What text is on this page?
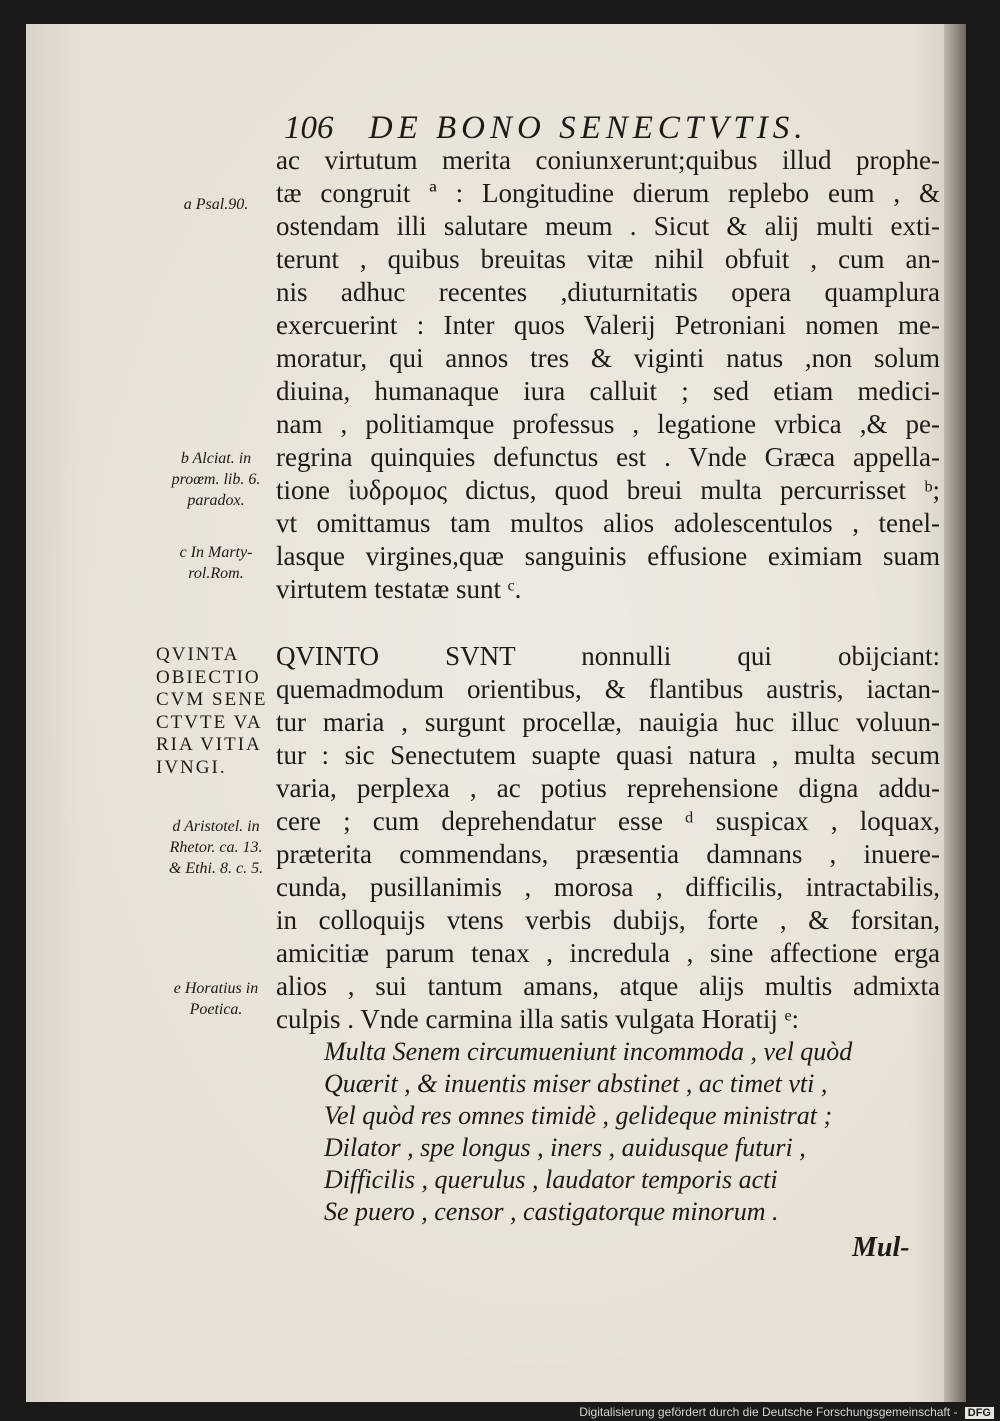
106 DE BONO SENECTVTIS.
ac virtutum merita coniunxerunt;quibus illud prophe-
tæ congruit ª : Longitudine dierum replebo eum , &
ostendam illi salutare meum . Sicut & alij multi exti-
terunt , quibus breuitas vitæ nihil obfuit , cum an-
nis adhuc recentes ,diuturnitatis opera quamplura
exercuerint : Inter quos Valerij Petroniani nomen me-
moratur, qui annos tres & viginti natus ,non solum
diuina, humanaque iura calluit ; sed etiam medici-
nam , politiamque professus , legatione vrbica ,& pe-
regrina quinquies defunctus est . Vnde Græca appella-
tione ἰυδρομος dictus, quod breui multa percurrisset ᵇ;
vt omittamus tam multos alios adolescentulos , tenel-
lasque virgines,quæ sanguinis effusione eximiam suam
virtutem testatæ sunt ᶜ.
QVINTO SVNT nonnulli qui obijciant:
quemadmodum orientibus, & flantibus austris, iactan-
tur maria , surgunt procellæ, nauigia huc illuc voluun-
tur : sic Senectutem suapte quasi natura , multa secum
varia, perplexa , ac potius reprehensione digna addu-
cere ; cum deprehendatur esse ᵈ suspicax , loquax,
præterita commendans, præsentia damnans , inuere-
cunda, pusillanimis , morosa , difficilis, intractabilis,
in colloquijs vtens verbis dubijs, forte , & forsitan,
amicitiæ parum tenax , incredula , sine affectione erga
alios , sui tantum amans, atque alijs multis admixta
culpis . Vnde carmina illa satis vulgata Horatij ᵉ:
Multa Senem circumueniunt incommoda , vel quòd
Quærit , & inuentis miser abstinet , ac timet vti ,
Vel quòd res omnes timidè , gelideque ministrat ;
Dilator , spe longus , iners , auidusque futuri ,
Difficilis , querulus , laudator temporis acti
Se puero , censor , castigatorque minorum .
a Psal.90.
b Alciat. in
proœm. lib. 6.
paradox.
c In Marty-
rol.Rom.
d Aristotel. in
Rhetor. ca. 13.
& Ethi. 8. c. 5.
e Horatius in
Poetica.
QVINTA
OBIECTIO
CVM SENE
CTVTE VA
RIA VITIA
IVNGI.
Mul-
Digitalisierung gefördert durch die Deutsche Forschungsgemeinschaft - DFG
